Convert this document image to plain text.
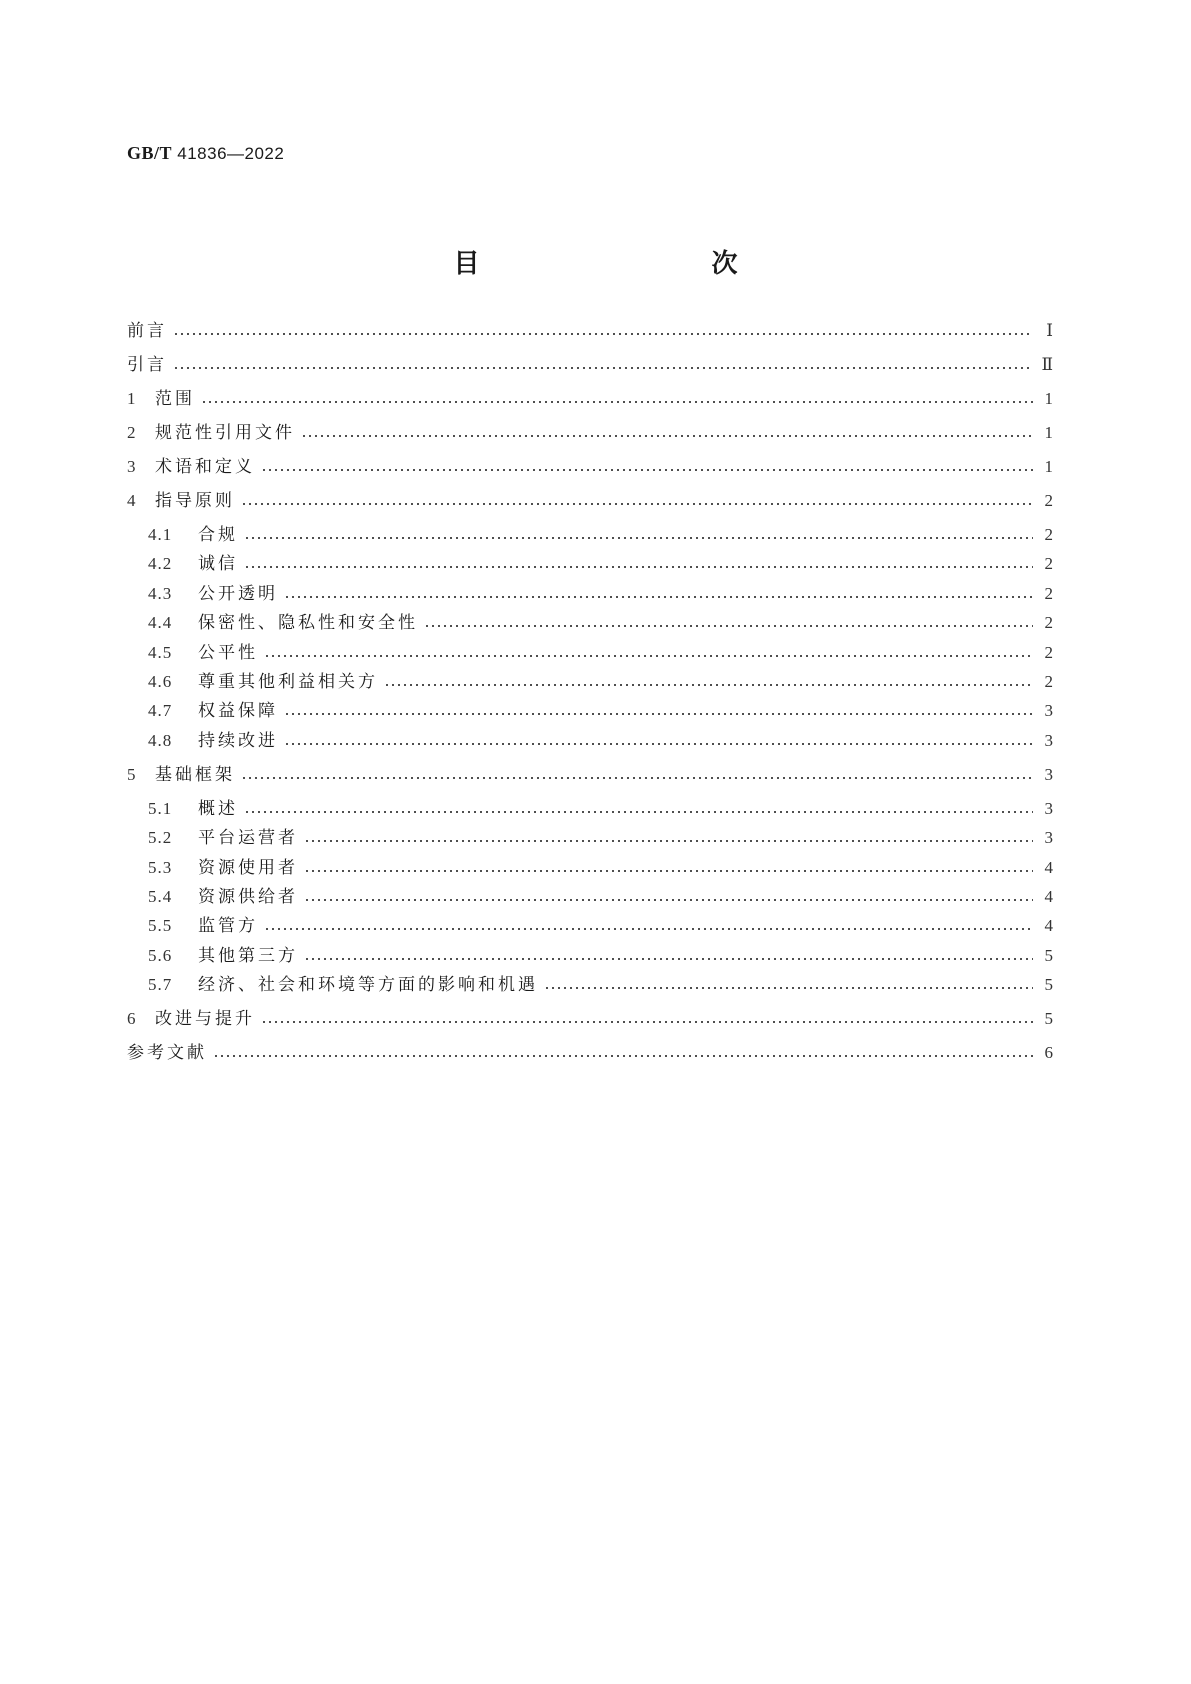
GB/T 41836—2022
目　　次
前言	Ⅰ
引言	Ⅱ
1	范围	1
2	规范性引用文件	1
3	术语和定义	1
4	指导原则	2
4.1	合规	2
4.2	诚信	2
4.3	公开透明	2
4.4	保密性、隐私性和安全性	2
4.5	公平性	2
4.6	尊重其他利益相关方	2
4.7	权益保障	3
4.8	持续改进	3
5	基础框架	3
5.1	概述	3
5.2	平台运营者	3
5.3	资源使用者	4
5.4	资源供给者	4
5.5	监管方	4
5.6	其他第三方	5
5.7	经济、社会和环境等方面的影响和机遇	5
6	改进与提升	5
参考文献	6
